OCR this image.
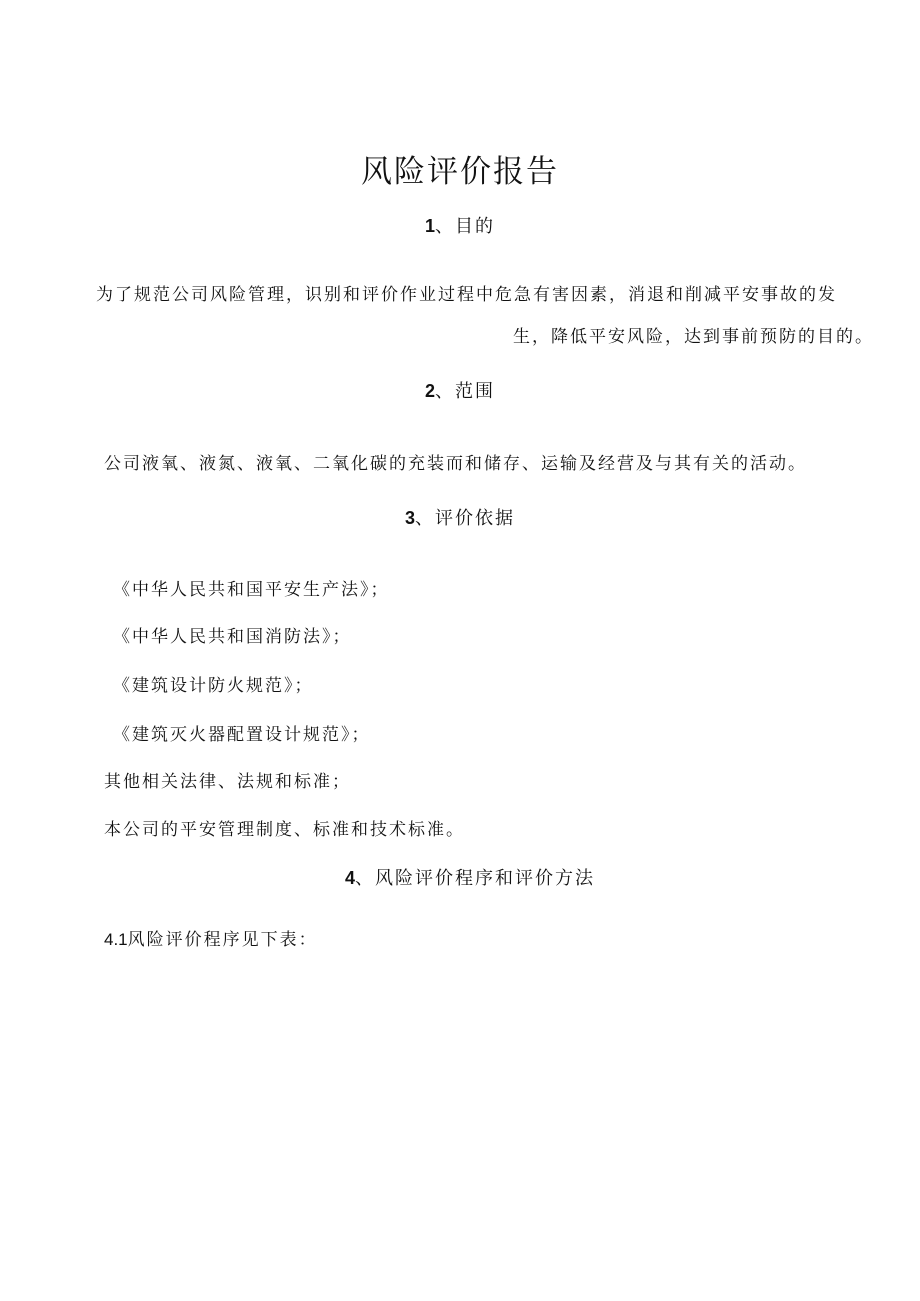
风险评价报告
1、目的

为了规范公司风险管理，识别和评价作业过程中危急有害因素，消退和削减平安事故的发

生，降低平安风险，达到事前预防的目的。

2、范围

公司液氧、液氮、液氧、二氧化碳的充装而和储存、运输及经营及与其有关的活动。

3、评价依据
《中华人民共和国平安生产法》；
《中华人民共和国消防法》；
《建筑设计防火规范》；
《建筑灭火器配置设计规范》；
其他相关法律、法规和标准；
本公司的平安管理制度、标准和技术标准。
4、风险评价程序和评价方法

4.1风险评价程序见下表：
